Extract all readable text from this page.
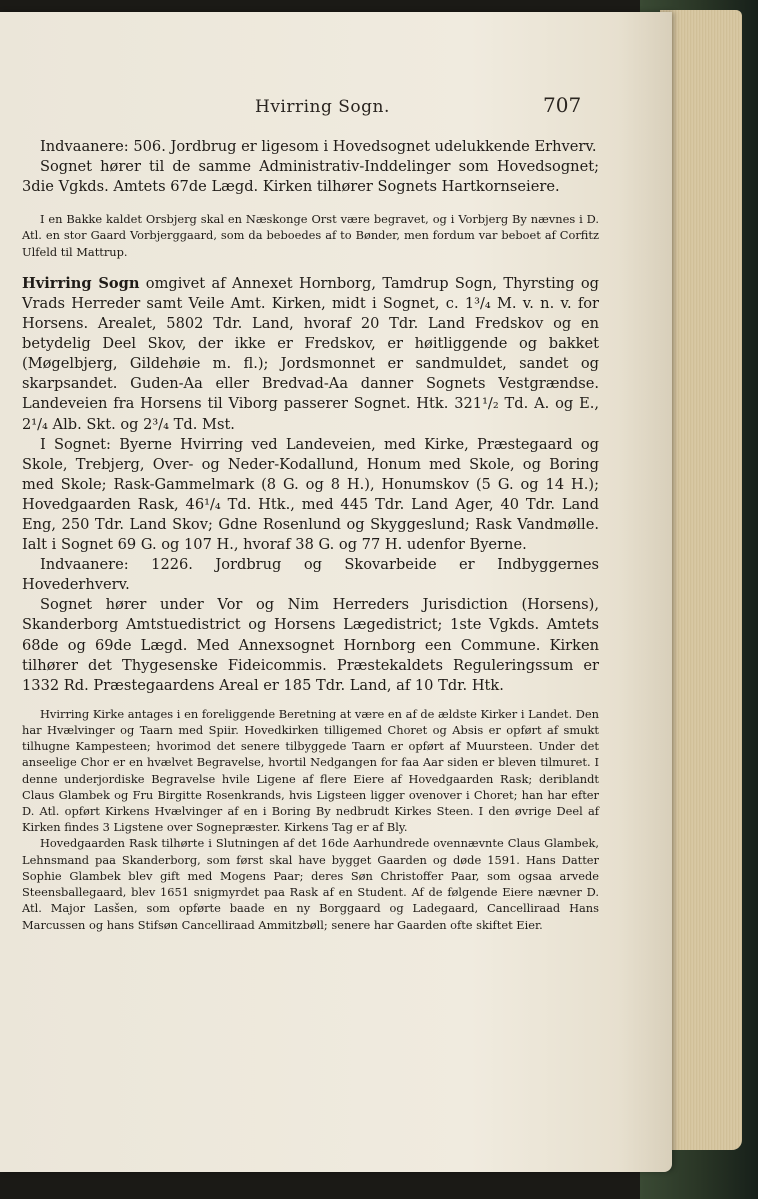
Hvirring Sogn.	707

Indvaanere: 506. Jordbrug er ligesom i Hovedsognet udelukkende Erhverv.

Sognet hører til de samme Administrativ-Inddelinger som Hovedsognet; 3die Vgkds. Amtets 67de Lægd. Kirken tilhører Sognets Hartkornseiere.

I en Bakke kaldet Orsbjerg skal en Næskonge Orst være begravet, og i Vorbjerg By nævnes i D. Atl. en stor Gaard Vorbjerggaard, som da beboedes af to Bønder, men fordum var beboet af Corfitz Ulfeld til Mattrup.

Hvirring Sogn omgivet af Annexet Hornborg, Tamdrup Sogn, Thyrsting og Vrads Herreder samt Veile Amt. Kirken, midt i Sognet, c. 1³/₄ M. v. n. v. for Horsens. Arealet, 5802 Tdr. Land, hvoraf 20 Tdr. Land Fredskov og en betydelig Deel Skov, der ikke er Fredskov, er høitliggende og bakket (Møgelbjerg, Gildehøie m. fl.); Jordsmonnet er sandmuldet, sandet og skarpsandet. Guden-Aa eller Bredvad-Aa danner Sognets Vestgrændse. Landeveien fra Horsens til Viborg passerer Sognet. Htk. 321¹/₂ Td. A. og E., 2¹/₄ Alb. Skt. og 2³/₄ Td. Mst.

I Sognet: Byerne Hvirring ved Landeveien, med Kirke, Præstegaard og Skole, Trebjerg, Over- og Neder-Kodallund, Honum med Skole, og Boring med Skole; Rask-Gammelmark (8 G. og 8 H.), Honumskov (5 G. og 14 H.); Hovedgaarden Rask, 46¹/₄ Td. Htk., med 445 Tdr. Land Ager, 40 Tdr. Land Eng, 250 Tdr. Land Skov; Gdne Rosenlund og Skyggeslund; Rask Vandmølle. Ialt i Sognet 69 G. og 107 H., hvoraf 38 G. og 77 H. udenfor Byerne.

Indvaanere: 1226. Jordbrug og Skovarbeide er Indbyggernes Hovederhverv.

Sognet hører under Vor og Nim Herreders Jurisdiction (Horsens), Skanderborg Amtstuedistrict og Horsens Lægedistrict; 1ste Vgkds. Amtets 68de og 69de Lægd. Med Annexsognet Hornborg een Commune. Kirken tilhører det Thygesenske Fideicommis. Præstekaldets Reguleringssum er 1332 Rd. Præstegaardens Areal er 185 Tdr. Land, af 10 Tdr. Htk.

Hvirring Kirke antages i en foreliggende Beretning at være en af de ældste Kirker i Landet. Den har Hvælvinger og Taarn med Spiir. Hovedkirken tilligemed Choret og Absis er opført af smukt tilhugne Kampesteen; hvorimod det senere tilbyggede Taarn er opført af Muursteen. Under det anseelige Chor er en hvælvet Begravelse, hvortil Nedgangen for faa Aar siden er bleven tilmuret. I denne underjordiske Begravelse hvile Ligene af flere Eiere af Hovedgaarden Rask; deriblandt Claus Glambek og Fru Birgitte Rosenkrands, hvis Ligsteen ligger ovenover i Choret; han har efter D. Atl. opført Kirkens Hvælvinger af en i Boring By nedbrudt Kirkes Steen. I den øvrige Deel af Kirken findes 3 Ligstene over Sognepræster. Kirkens Tag er af Bly.

Hovedgaarden Rask tilhørte i Slutningen af det 16de Aarhundrede ovennævnte Claus Glambek, Lehnsmand paa Skanderborg, som først skal have bygget Gaarden og døde 1591. Hans Datter Sophie Glambek blev gift med Mogens Paar; deres Søn Christoffer Paar, som ogsaa arvede Steensballegaard, blev 1651 snigmyrdet paa Rask af en Student. Af de følgende Eiere nævner D. Atl. Major Lasšen, som opførte baade en ny Borggaard og Ladegaard, Cancelliraad Hans Marcussen og hans Stifsøn Cancelliraad Ammitzbøll; senere har Gaarden ofte skiftet Eier.
